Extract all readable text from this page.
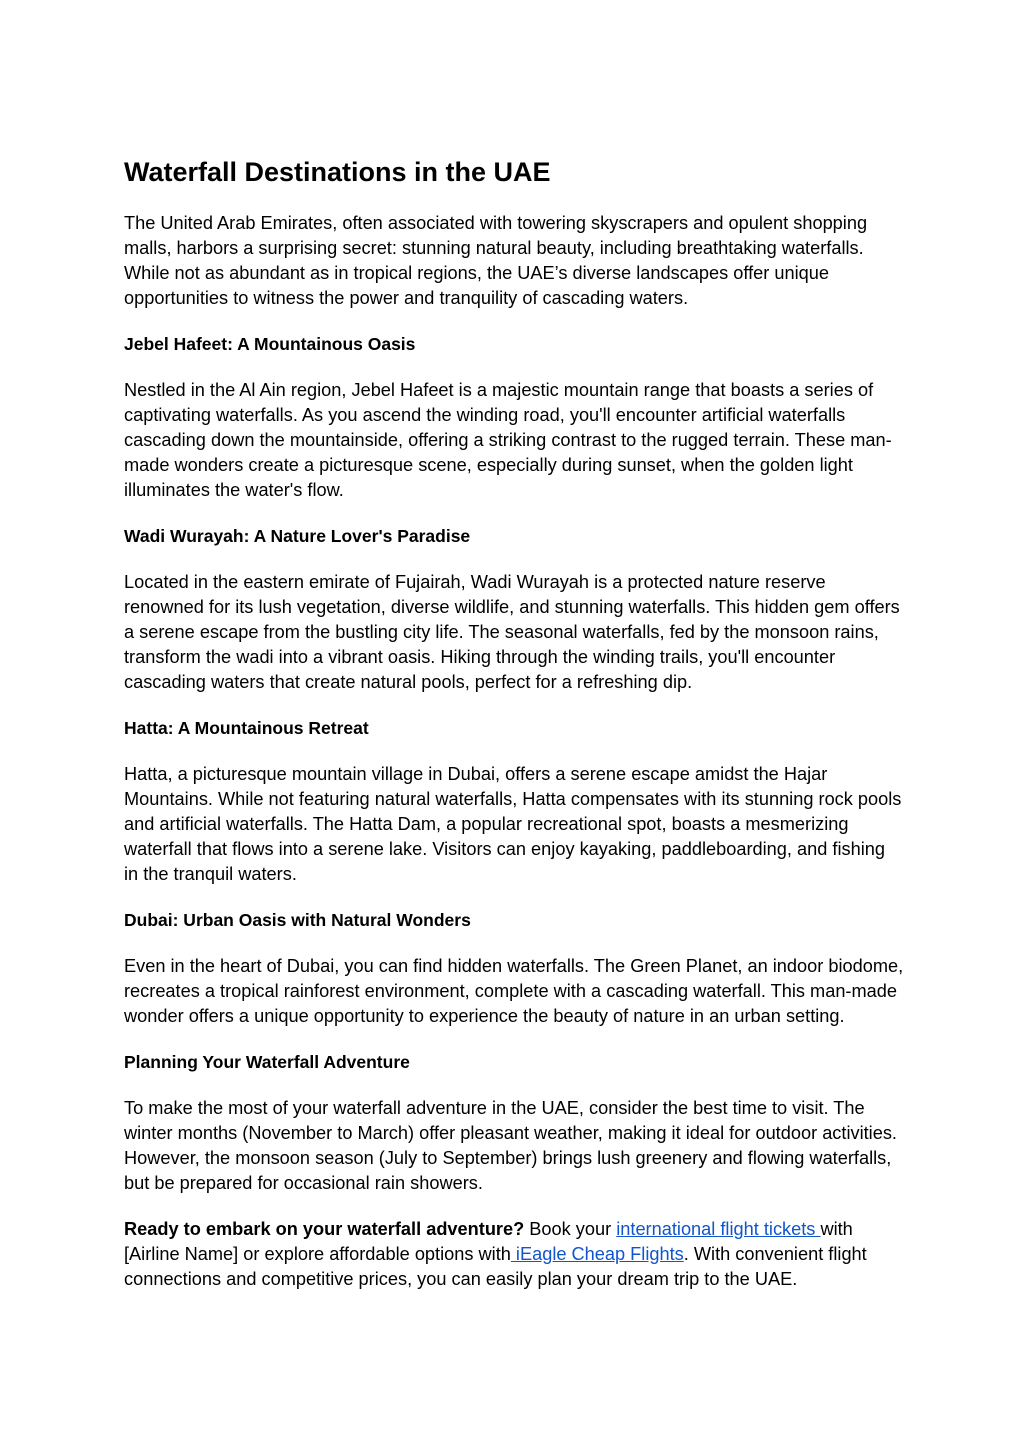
Waterfall Destinations in the UAE

The United Arab Emirates, often associated with towering skyscrapers and opulent shopping malls, harbors a surprising secret: stunning natural beauty, including breathtaking waterfalls. While not as abundant as in tropical regions, the UAE’s diverse landscapes offer unique opportunities to witness the power and tranquility of cascading waters.

Jebel Hafeet: A Mountainous Oasis

Nestled in the Al Ain region, Jebel Hafeet is a majestic mountain range that boasts a series of captivating waterfalls. As you ascend the winding road, you'll encounter artificial waterfalls cascading down the mountainside, offering a striking contrast to the rugged terrain. These man-made wonders create a picturesque scene, especially during sunset, when the golden light illuminates the water's flow.

Wadi Wurayah: A Nature Lover's Paradise

Located in the eastern emirate of Fujairah, Wadi Wurayah is a protected nature reserve renowned for its lush vegetation, diverse wildlife, and stunning waterfalls. This hidden gem offers a serene escape from the bustling city life. The seasonal waterfalls, fed by the monsoon rains, transform the wadi into a vibrant oasis. Hiking through the winding trails, you'll encounter cascading waters that create natural pools, perfect for a refreshing dip.

Hatta: A Mountainous Retreat

Hatta, a picturesque mountain village in Dubai, offers a serene escape amidst the Hajar Mountains. While not featuring natural waterfalls, Hatta compensates with its stunning rock pools and artificial waterfalls. The Hatta Dam, a popular recreational spot, boasts a mesmerizing waterfall that flows into a serene lake. Visitors can enjoy kayaking, paddleboarding, and fishing in the tranquil waters.

Dubai: Urban Oasis with Natural Wonders

Even in the heart of Dubai, you can find hidden waterfalls. The Green Planet, an indoor biodome, recreates a tropical rainforest environment, complete with a cascading waterfall. This man-made wonder offers a unique opportunity to experience the beauty of nature in an urban setting.

Planning Your Waterfall Adventure

To make the most of your waterfall adventure in the UAE, consider the best time to visit. The winter months (November to March) offer pleasant weather, making it ideal for outdoor activities. However, the monsoon season (July to September) brings lush greenery and flowing waterfalls, but be prepared for occasional rain showers.

Ready to embark on your waterfall adventure? Book your international flight tickets with [Airline Name] or explore affordable options with iEagle Cheap Flights. With convenient flight connections and competitive prices, you can easily plan your dream trip to the UAE.
